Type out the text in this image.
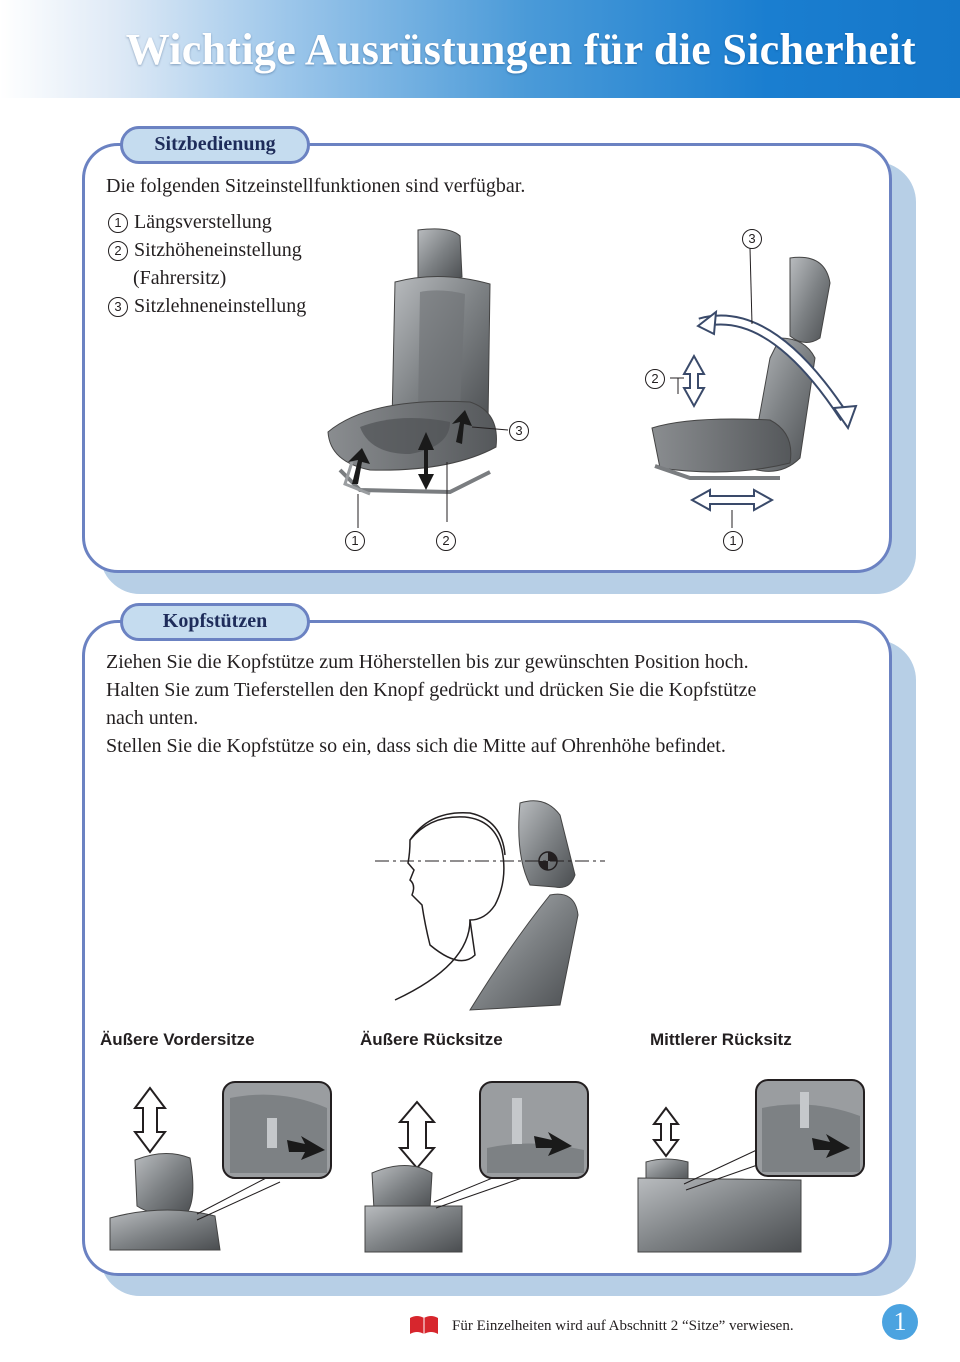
Wichtige Ausrüstungen für die Sicherheit
Sitzbedienung
Die folgenden Sitzeinstellfunktionen sind verfügbar.
1 Längsverstellung
2 Sitzhöheneinstellung
(Fahrersitz)
3 Sitzlehneneinstellung
1	2
3
3
2
1
Kopfstützen
Ziehen Sie die Kopfstütze zum Höherstellen bis zur gewünschten Position hoch.
Halten Sie zum Tieferstellen den Knopf gedrückt und drücken Sie die Kopfstütze
nach unten.
Stellen Sie die Kopfstütze so ein, dass sich die Mitte auf Ohrenhöhe befindet.
Äußere Vordersitze	Äußere Rücksitze	Mittlerer Rücksitz
Für Einzelheiten wird auf Abschnitt 2 “Sitze” verwiesen.	1
